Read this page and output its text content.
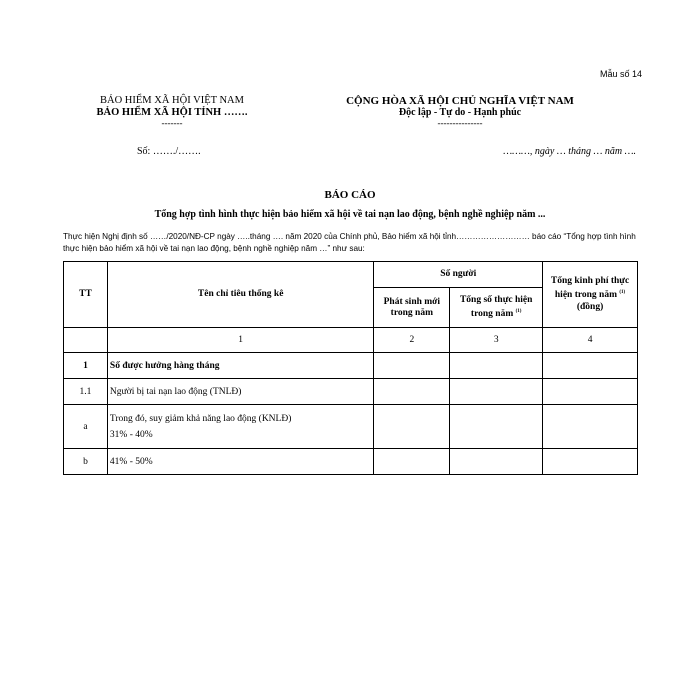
Mẫu số 14
BẢO HIỂM XÃ HỘI VIỆT NAM
BẢO HIỂM XÃ HỘI TỈNH …….
-------
CỘNG HÒA XÃ HỘI CHỦ NGHĨA VIỆT NAM
Độc lập - Tự do - Hạnh phúc
---------------
Số: ……./…….	………, ngày … tháng … năm ….
BÁO CÁO
Tổng hợp tình hình thực hiện bảo hiểm xã hội về tai nạn lao động, bệnh nghề nghiệp năm ...
Thực hiện Nghị định số ……/2020/NĐ-CP ngày …..tháng …. năm 2020 của Chính phủ, Bảo hiểm xã hội tỉnh……………………… báo cáo “Tổng hợp tình hình thực hiện bảo hiểm xã hội về tai nạn lao động, bệnh nghề nghiệp năm …” như sau:
TT	Tên chỉ tiêu thống kê	Số người		Tổng kinh phí thực hiện trong năm $^{(1)}$
(đồng)
		Phát sinh mới trong năm	Tổng số thực hiện trong năm $^{(1)}$
	1	2	3	4
1	Số được hưởng hàng tháng			
1.1	Người bị tai nạn lao động (TNLĐ)			
a	Trong đó, suy giảm khả năng lao động (KNLĐ)
31% - 40%			

b	41% - 50%			
